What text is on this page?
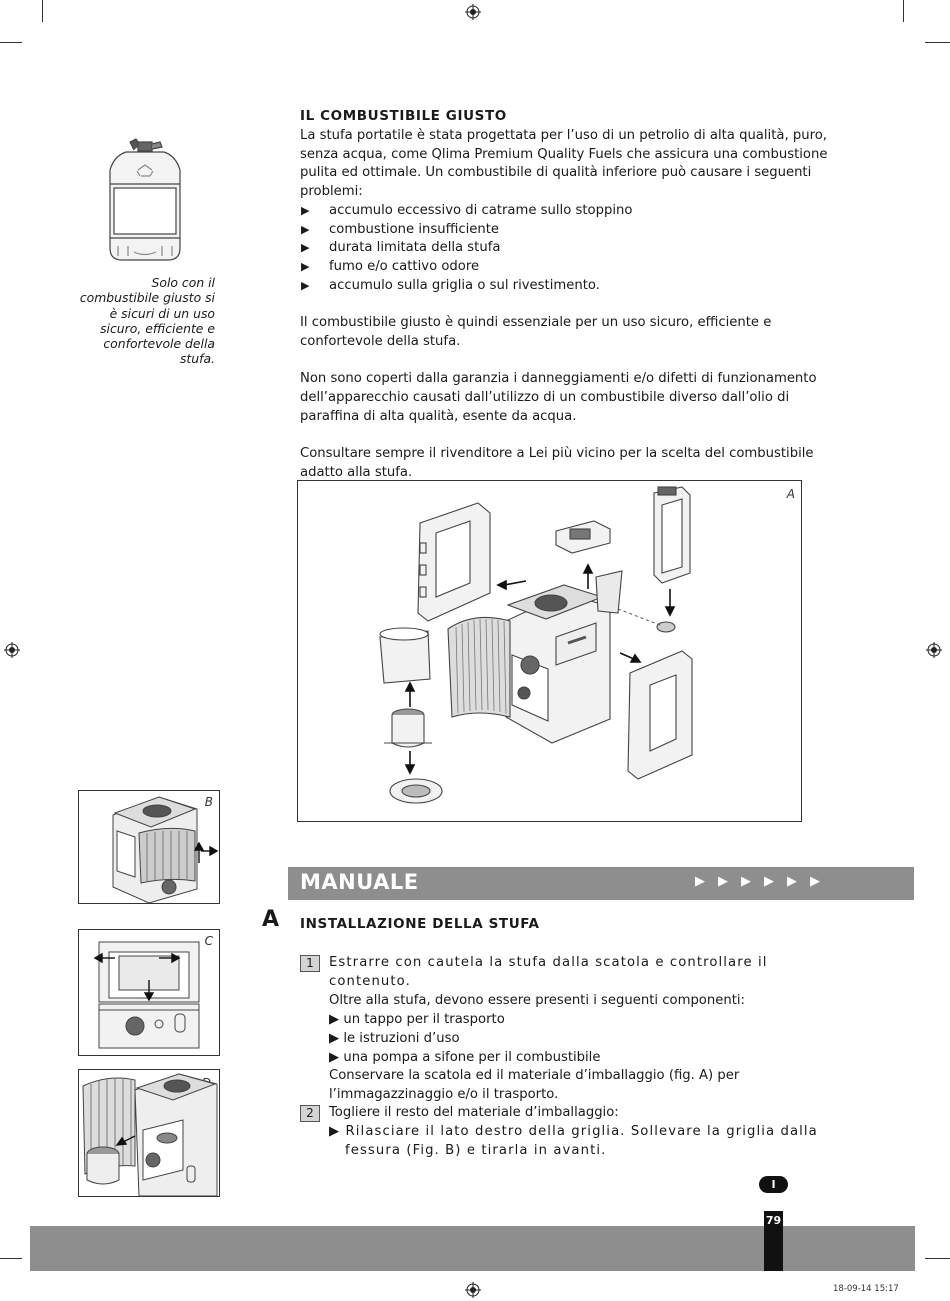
Solo con il combustibile giusto si è sicuri di un uso sicuro, efficiente e confortevole della stufa.
IL COMBUSTIBILE GIUSTO

La stufa portatile è stata progettata per l’uso di un petrolio di alta qualità, puro, senza acqua, come Qlima Premium Quality Fuels che assicura una combustione pulita ed ottimale. Un combustibile di qualità inferiore può causare i seguenti problemi:

▶ accumulo eccessivo di catrame sullo stoppino
▶ combustione insufficiente
▶ durata limitata della stufa
▶ fumo e/o cattivo odore
▶ accumulo sulla griglia o sul rivestimento.

Il combustibile giusto è quindi essenziale per un uso sicuro, efficiente e confortevole della stufa.

Non sono coperti dalla garanzia i danneggiamenti e/o difetti di funzionamento dell’apparecchio causati dall’utilizzo di un combustibile diverso dall’olio di paraffina di alta qualità, esente da acqua.

Consultare sempre il rivenditore a Lei più vicino per la scelta del combustibile adatto alla stufa.

A
B
C
MANUALE	▶▶▶▶▶▶
A INSTALLAZIONE DELLA STUFA
1	Estrarre con cautela la stufa dalla scatola e controllare il contenuto.

Oltre alla stufa, devono essere presenti i seguenti componenti:

▶ un tappo per il trasporto

▶ le istruzioni d’uso

▶ una pompa a sifone per il combustibile

Conservare la scatola ed il materiale d’imballaggio (fig. A) per l’immagazzinaggio e/o il trasporto.

2	Togliere il resto del materiale d’imballaggio:

▶ Rilasciare il lato destro della griglia. Sollevare la griglia dalla fessura (Fig. B) e tirarla in avanti.

I
79
18-09-14 15:17
